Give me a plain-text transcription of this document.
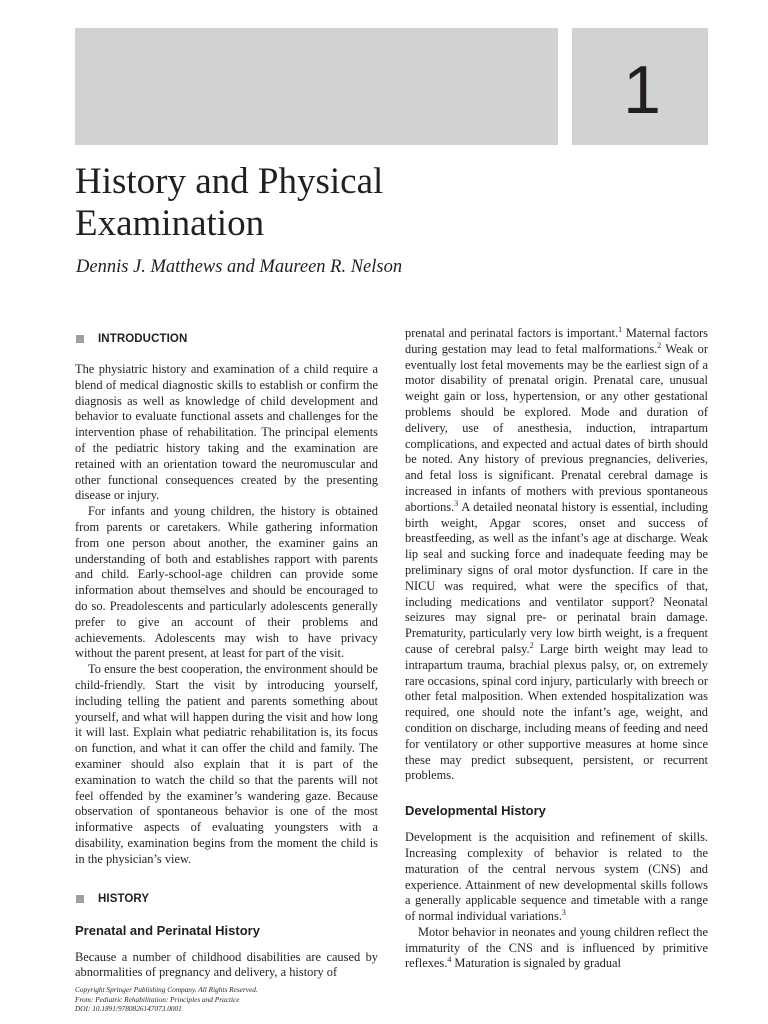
1
History and Physical
Examination
Dennis J. Matthews and Maureen R. Nelson
INTRODUCTION

The physiatric history and examination of a child require a blend of medical diagnostic skills to establish or confirm the diagnosis as well as knowledge of child development and behavior to evaluate functional assets and challenges for the intervention phase of rehabilitation. The principal elements of the pediatric history taking and the examination are retained with an orientation toward the neuromuscular and other functional consequences created by the presenting disease or injury.

For infants and young children, the history is obtained from parents or caretakers. While gathering information from one person about another, the examiner gains an understanding of both and establishes rapport with parents and child. Early-school-age children can provide some information about themselves and should be encouraged to do so. Preadolescents and particularly adolescents generally prefer to give an account of their problems and achievements. Adolescents may wish to have privacy without the parent present, at least for part of the visit.

To ensure the best cooperation, the environment should be child-friendly. Start the visit by introducing yourself, including telling the patient and parents something about yourself, and what will happen during the visit and how long it will last. Explain what pediatric rehabilitation is, its focus on function, and what it can offer the child and family. The examiner should also explain that it is part of the examination to watch the child so that the parents will not feel offended by the examiner’s wandering gaze. Because observation of spontaneous behavior is one of the most informative aspects of evaluating youngsters with a disability, examination begins from the moment the child is in the physician’s view.

HISTORY
Prenatal and Perinatal History

Because a number of childhood disabilities are caused by abnormalities of pregnancy and delivery, a history of

prenatal and perinatal factors is important.$^1$ Maternal factors during gestation may lead to fetal malformations.$^2$ Weak or eventually lost fetal movements may be the earliest sign of a motor disability of prenatal origin. Prenatal care, unusual weight gain or loss, hypertension, or any other gestational problems should be explored. Mode and duration of delivery, use of anesthesia, induction, intrapartum complications, and expected and actual dates of birth should be noted. Any history of previous pregnancies, deliveries, and fetal loss is significant. Prenatal cerebral damage is increased in infants of mothers with previous spontaneous abortions.$^3$ A detailed neonatal history is essential, including birth weight, Apgar scores, onset and success of breastfeeding, as well as the infant’s age at discharge. Weak lip seal and sucking force and inadequate feeding may be preliminary signs of oral motor dysfunction. If care in the NICU was required, what were the specifics of that, including medications and ventilator support? Neonatal seizures may signal pre- or perinatal brain damage. Prematurity, particularly very low birth weight, is a frequent cause of cerebral palsy.$^2$ Large birth weight may lead to intrapartum trauma, brachial plexus palsy, or, on extremely rare occasions, spinal cord injury, particularly with breech or other fetal malposition. When extended hospitalization was required, one should note the infant’s age, weight, and condition on discharge, including means of feeding and need for ventilatory or other supportive measures at home since these may predict subsequent, persistent, or recurrent problems.

Developmental History

Development is the acquisition and refinement of skills. Increasing complexity of behavior is related to the maturation of the central nervous system (CNS) and experience. Attainment of new developmental skills follows a generally applicable sequence and timetable with a range of normal individual variations.$^3$

Motor behavior in neonates and young children reflect the immaturity of the CNS and is influenced by primitive reflexes.$^4$ Maturation is signaled by gradual

Copyright Springer Publishing Company. All Rights Reserved.
From: Pediatric Rehabilitation: Principles and Practice
DOI: 10.1891/9780826147073.0001
